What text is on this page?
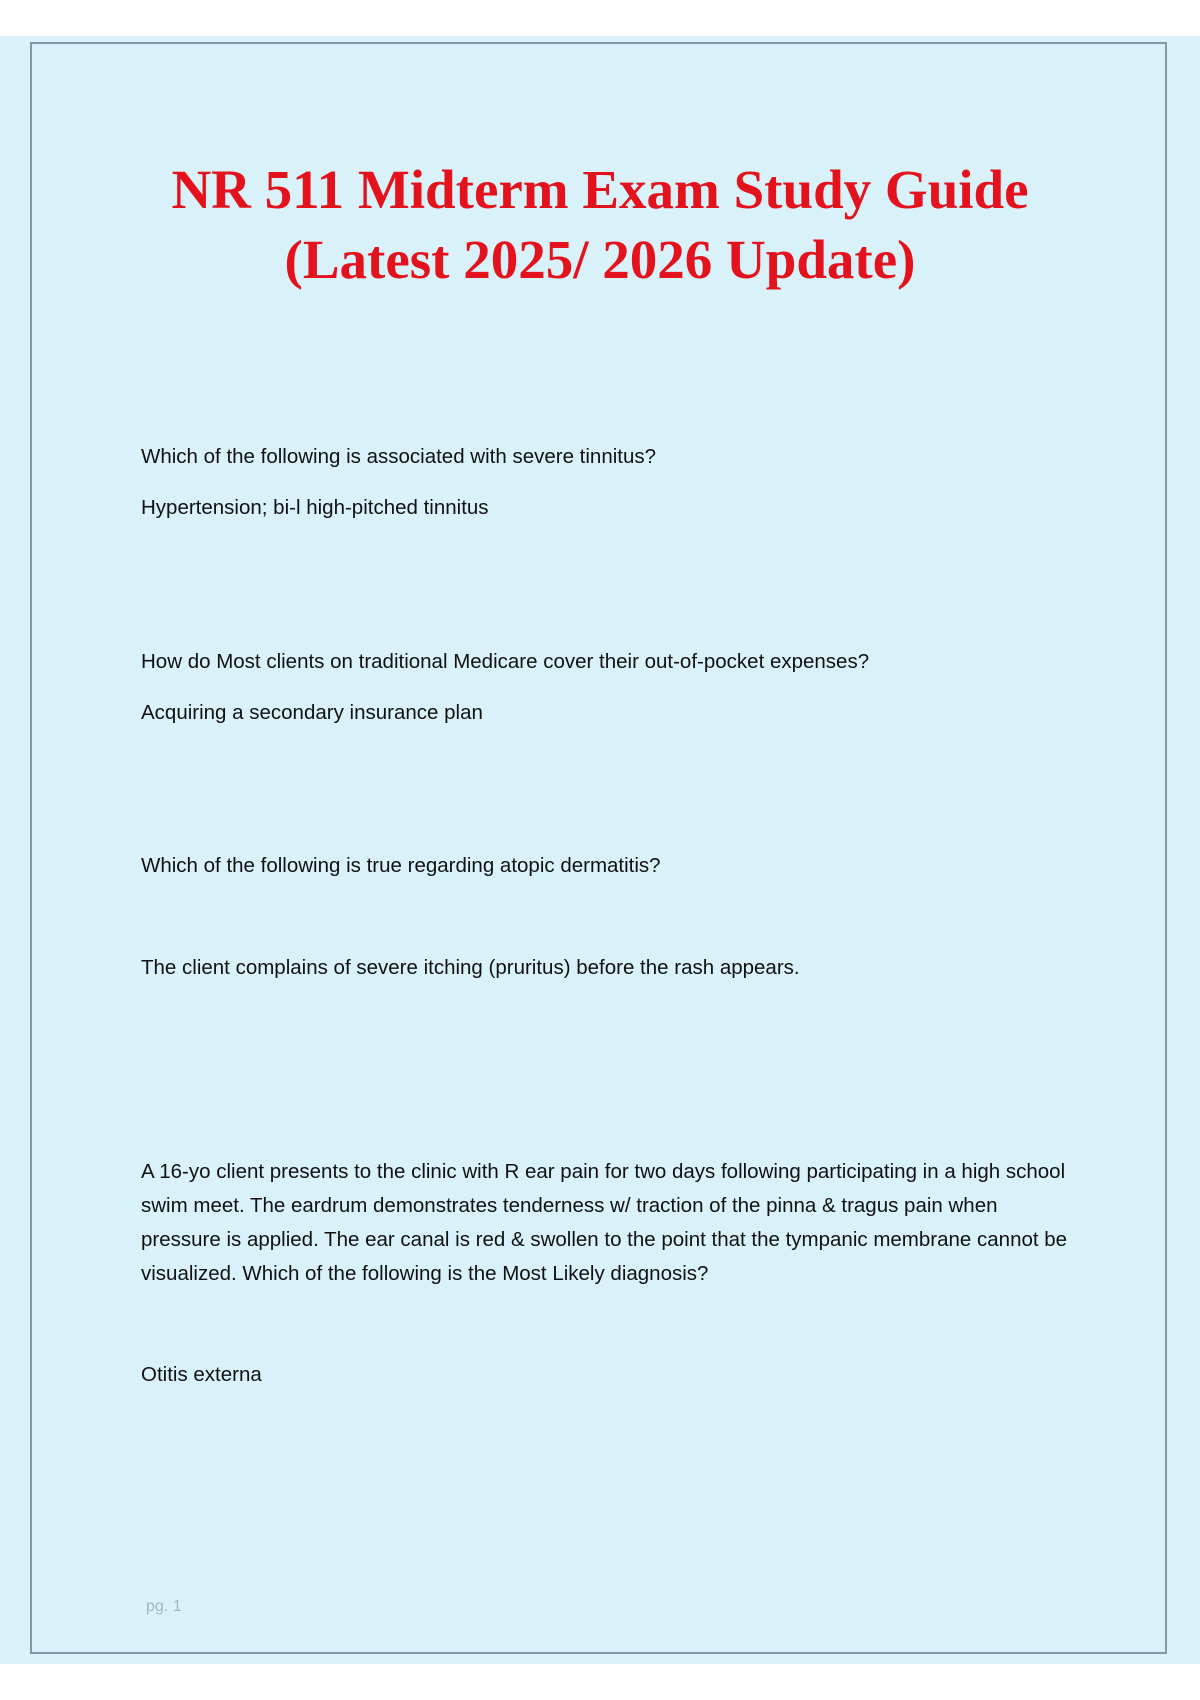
NR 511 Midterm Exam Study Guide
(Latest 2025/ 2026 Update)

Which of the following is associated with severe tinnitus?

Hypertension; bi-l high-pitched tinnitus

How do Most clients on traditional Medicare cover their out-of-pocket expenses?

Acquiring a secondary insurance plan

Which of the following is true regarding atopic dermatitis?

The client complains of severe itching (pruritus) before the rash appears.

A 16-yo client presents to the clinic with R ear pain for two days following participating in a high school swim meet. The eardrum demonstrates tenderness w/ traction of the pinna & tragus pain when pressure is applied. The ear canal is red & swollen to the point that the tympanic membrane cannot be visualized. Which of the following is the Most Likely diagnosis?

Otitis externa

pg. 1
